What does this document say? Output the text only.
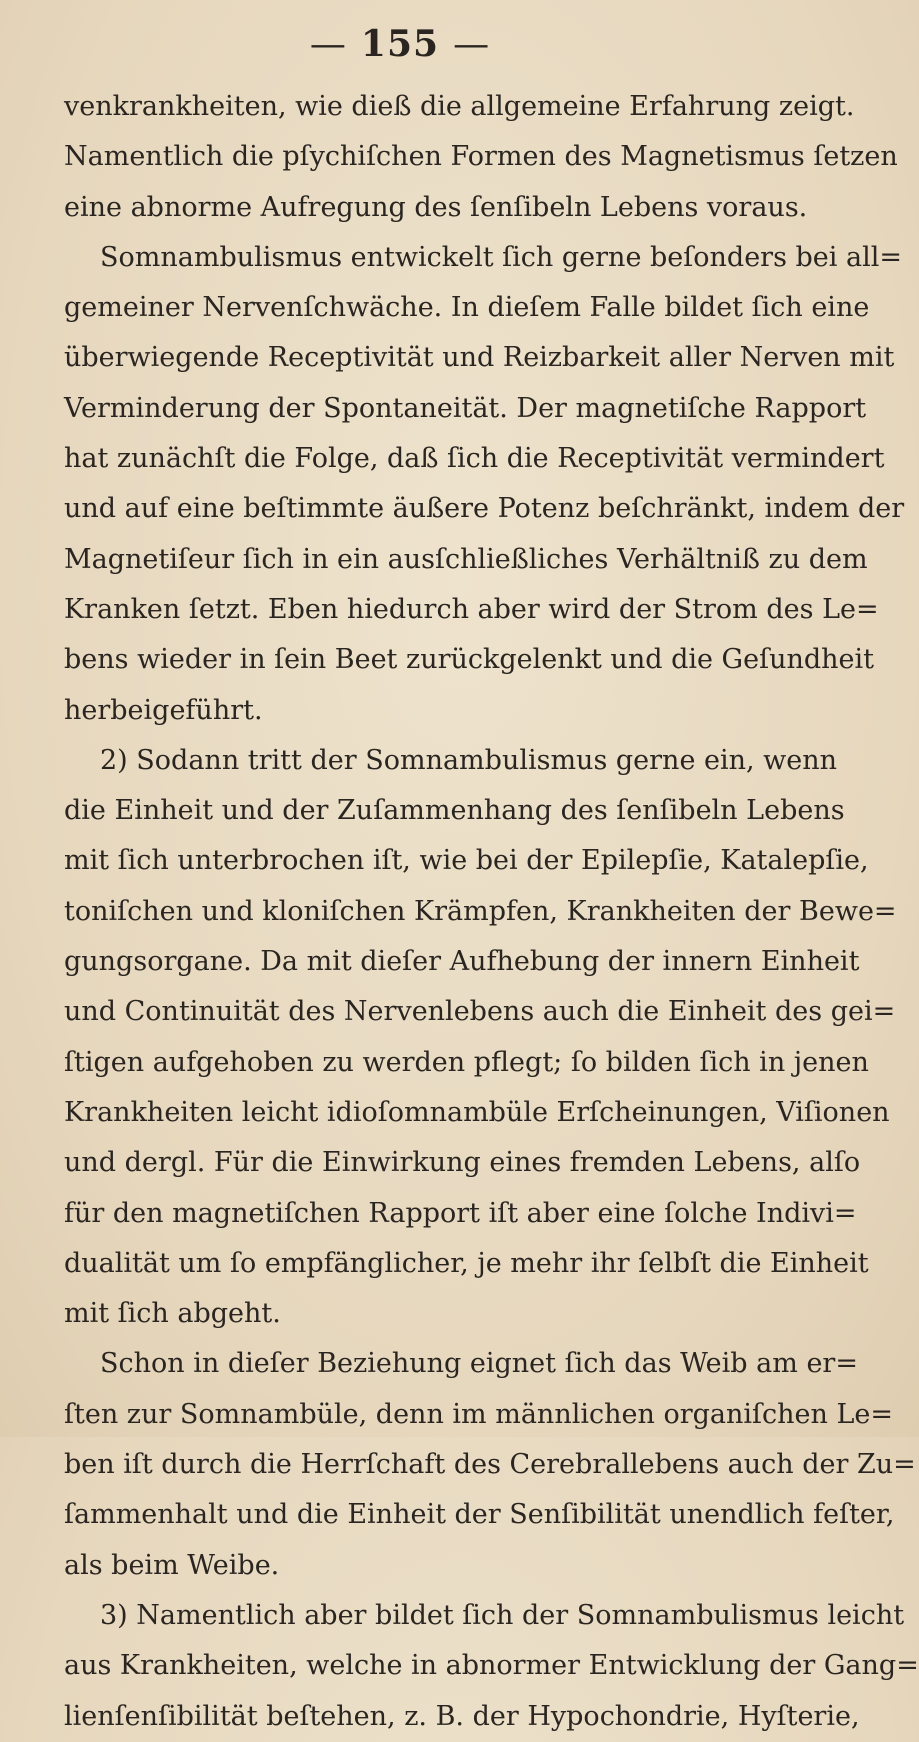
— 155 —
venkrankheiten, wie dieß die allgemeine Erfahrung zeigt.
Namentlich die pſychiſchen Formen des Magnetismus ſetzen
eine abnorme Aufregung des ſenſibeln Lebens voraus.
Somnambulismus entwickelt ſich gerne beſonders bei all=
gemeiner Nervenſchwäche. In dieſem Falle bildet ſich eine
überwiegende Receptivität und Reizbarkeit aller Nerven mit
Verminderung der Spontaneität. Der magnetiſche Rapport
hat zunächſt die Folge, daß ſich die Receptivität vermindert
und auf eine beſtimmte äußere Potenz beſchränkt, indem der
Magnetiſeur ſich in ein ausſchließliches Verhältniß zu dem
Kranken ſetzt. Eben hiedurch aber wird der Strom des Le=
bens wieder in ſein Beet zurückgelenkt und die Geſundheit
herbeigeführt.
2) Sodann tritt der Somnambulismus gerne ein, wenn
die Einheit und der Zuſammenhang des ſenſibeln Lebens
mit ſich unterbrochen iſt, wie bei der Epilepſie, Katalepſie,
toniſchen und kloniſchen Krämpfen, Krankheiten der Bewe=
gungsorgane. Da mit dieſer Aufhebung der innern Einheit
und Continuität des Nervenlebens auch die Einheit des gei=
ſtigen aufgehoben zu werden pflegt; ſo bilden ſich in jenen
Krankheiten leicht idioſomnambüle Erſcheinungen, Viſionen
und dergl. Für die Einwirkung eines fremden Lebens, alſo
für den magnetiſchen Rapport iſt aber eine ſolche Indivi=
dualität um ſo empfänglicher, je mehr ihr ſelbſt die Einheit
mit ſich abgeht.
Schon in dieſer Beziehung eignet ſich das Weib am er=
ſten zur Somnambüle, denn im männlichen organiſchen Le=
ben iſt durch die Herrſchaft des Cerebrallebens auch der Zu=
ſammenhalt und die Einheit der Senſibilität unendlich feſter,
als beim Weibe.
3) Namentlich aber bildet ſich der Somnambulismus leicht
aus Krankheiten, welche in abnormer Entwicklung der Gang=
lienſenſibilität beſtehen, z. B. der Hypochondrie, Hyſterie,
